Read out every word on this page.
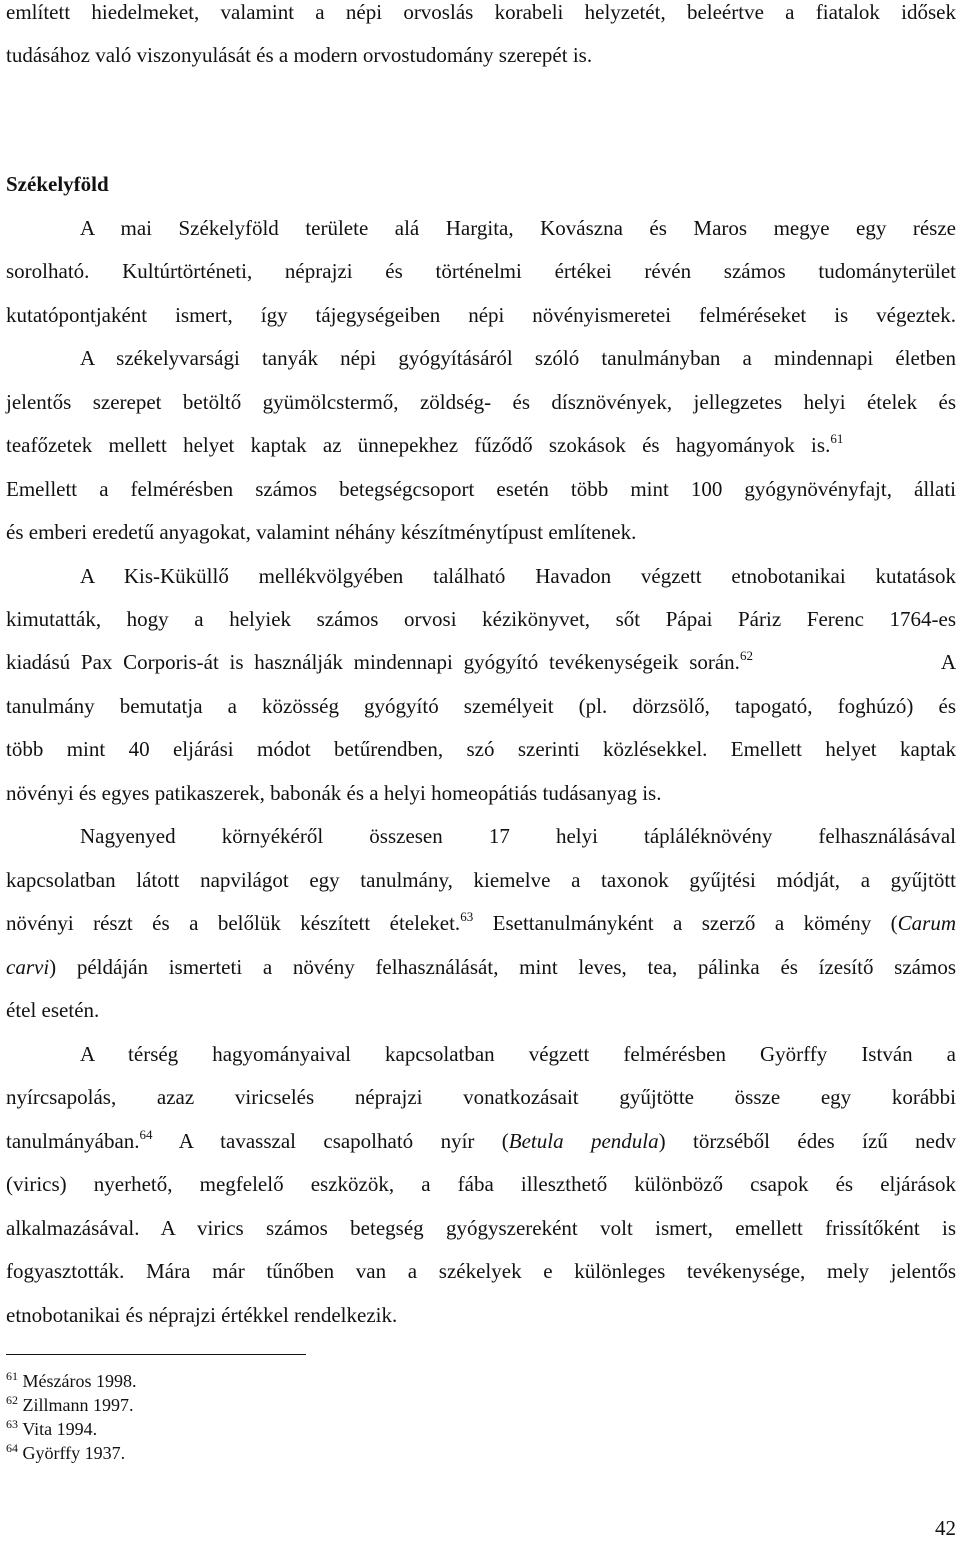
említett hiedelmeket, valamint a népi orvoslás korabeli helyzetét, beleértve a fiatalok idősek
tudásához való viszonyulását és a modern orvostudomány szerepét is.
Székelyföld
A mai Székelyföld területe alá Hargita, Kovászna és Maros megye egy része
sorolható. Kultúrtörténeti, néprajzi és történelmi értékei révén számos tudományterület
kutatópontjaként ismert, így tájegységeiben népi növényismeretei felméréseket is végeztek.
A székelyvarsági tanyák népi gyógyításáról szóló tanulmányban a mindennapi életben
jelentős szerepet betöltő gyümölcstermő, zöldség- és dísznövények, jellegzetes helyi ételek és
teafőzetek mellett helyet kaptak az ünnepekhez fűződő szokások és hagyományok is.$^{61}$
Emellett a felmérésben számos betegségcsoport esetén több mint 100 gyógynövényfajt, állati
és emberi eredetű anyagokat, valamint néhány készítménytípust említenek.
A Kis-Küküllő mellékvölgyében található Havadon végzett etnobotanikai kutatások
kimutatták, hogy a helyiek számos orvosi kézikönyvet, sőt Pápai Páriz Ferenc 1764-es
kiadású Pax Corporis-át is használják mindennapi gyógyító tevékenységeik során.$^{62}$	A
tanulmány bemutatja a közösség gyógyító személyeit (pl. dörzsölő, tapogató, foghúzó) és
több mint 40 eljárási módot betűrendben, szó szerinti közlésekkel. Emellett helyet kaptak
növényi és egyes patikaszerek, babonák és a helyi homeopátiás tudásanyag is.
Nagyenyed környékéről összesen 17 helyi tápláléknövény felhasználásával
kapcsolatban látott napvilágot egy tanulmány, kiemelve a taxonok gyűjtési módját, a gyűjtött
növényi részt és a belőlük készített ételeket.$^{63}$ Esettanulmányként a szerző a kömény (Carum
carvi) példáján ismerteti a növény felhasználását, mint leves, tea, pálinka és ízesítő számos
étel esetén.
A térség hagyományaival kapcsolatban végzett felmérésben Györffy István a
nyírcsapolás, azaz viricselés néprajzi vonatkozásait gyűjtötte össze egy korábbi
tanulmányában.$^{64}$ A tavasszal csapolható nyír (Betula pendula) törzséből édes ízű nedv
(virics) nyerhető, megfelelő eszközök, a fába illeszthető különböző csapok és eljárások
alkalmazásával. A virics számos betegség gyógyszereként volt ismert, emellett frissítőként is
fogyasztották. Mára már tűnőben van a székelyek e különleges tevékenysége, mely jelentős
etnobotanikai és néprajzi értékkel rendelkezik.
$^{61}$ Mészáros 1998.
$^{62}$ Zillmann 1997.
$^{63}$ Vita 1994.
$^{64}$ Györffy 1937.
42
